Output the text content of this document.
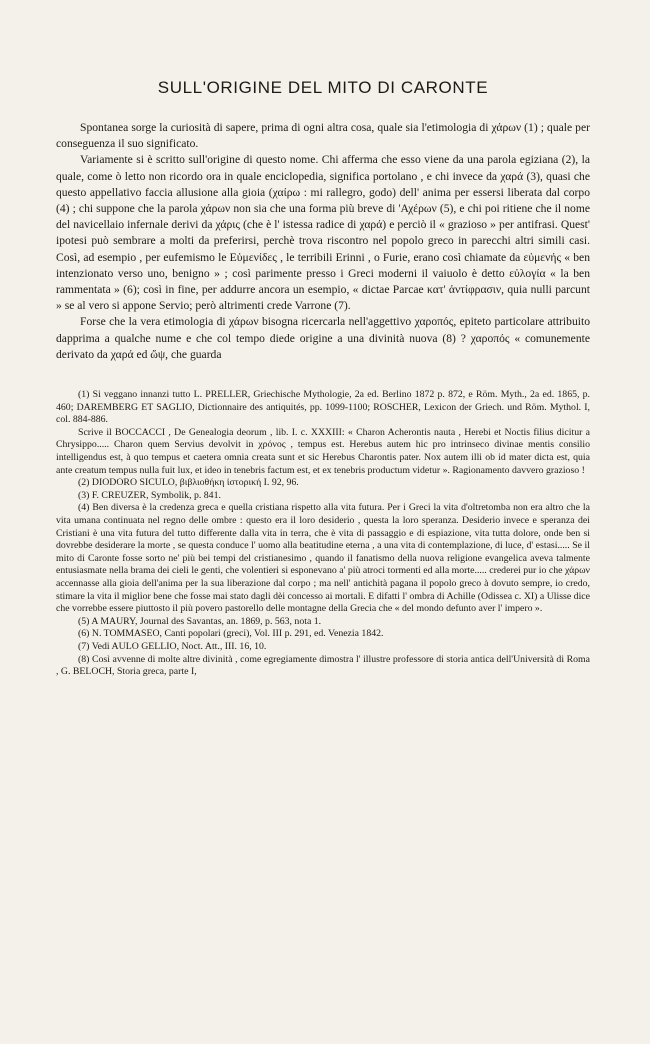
SULL'ORIGINE DEL MITO DI CARONTE

Spontanea sorge la curiosità di sapere, prima di ogni altra cosa, quale sia l'etimologia di χάρων (1) ; quale per conseguenza il suo significato.

Variamente si è scritto sull'origine di questo nome. Chi afferma che esso viene da una parola egiziana (2), la quale, come ò letto non ricordo ora in quale enciclopedia, significa portolano , e chi invece da χαρά (3), quasi che questo appellativo faccia allusione alla gioia (χαίρω : mi rallegro, godo) dell' anima per essersi liberata dal corpo (4) ; chi suppone che la parola χάρων non sia che una forma più breve di 'Αχέρων (5), e chi poi ritiene che il nome del navicellaio infernale derivi da χάρις (che è l' istessa radice di χαρά) e perciò il « grazioso » per antifrasi. Quest' ipotesi può sembrare a molti da preferirsi, perchè trova riscontro nel popolo greco in parecchi altri simili casi. Così, ad esempio , per eufemismo le Εὐμενίδες , le terribili Erinni , o Furie, erano così chiamate da εὐμενής « ben intenzionato verso uno, benigno » ; così parimente presso i Greci moderni il vaiuolo è detto εὐλογία « la ben rammentata » (6); così in fine, per addurre ancora un esempio, « dictae Parcae κατ' ἀντίφρασιν, quia nulli parcunt » se al vero si appone Servio; però altrimenti crede Varrone (7).

Forse che la vera etimologia di χάρων bisogna ricercarla nell'aggettivo χαροπός, epiteto particolare attribuito dapprima a qualche nume e che col tempo diede origine a una divinità nuova (8) ? χαροπός « comunemente derivato da χαρά ed ὤψ, che guarda

(1) Si veggano innanzi tutto L. PRELLER, Griechische Mythologie, 2a ed. Berlino 1872 p. 872, e Röm. Myth., 2a ed. 1865, p. 460; DAREMBERG ET SAGLIO, Dictionnaire des antiquités, pp. 1099-1100; ROSCHER, Lexicon der Griech. und Röm. Mythol. I, col. 884-886.

Scrive il BOCCACCI , De Genealogia deorum , lib. I. c. XXXIII: « Charon Acherontis nauta , Herebi et Noctis filius dicitur a Chrysippo..... Charon quem Servius devolvit in χρόνος , tempus est. Herebus autem hic pro intrinseco divinae mentis consilio intelligendus est, à quo tempus et caetera omnia creata sunt et sic Herebus Charontis pater. Nox autem illi ob id mater dicta est, quia ante creatum tempus nulla fuit lux, et ideo in tenebris factum est, et ex tenebris productum videtur ». Ragionamento davvero grazioso !

(2) DIODORO SICULO, βιβλιοθήκη ἱστορική I. 92, 96.

(3) F. CREUZER, Symbolik, p. 841.

(4) Ben diversa è la credenza greca e quella cristiana rispetto alla vita futura. Per i Greci la vita d'oltretomba non era altro che la vita umana continuata nel regno delle ombre : questo era il loro desiderio , questa la loro speranza. Desiderio invece e speranza dei Cristiani è una vita futura del tutto differente dalla vita in terra, che è vita di passaggio e di espiazione, vita tutta dolore, onde ben si dovrebbe desiderare la morte , se questa conduce l' uomo alla beatitudine eterna , a una vita di contemplazione, di luce, d' estasi..... Se il mito di Caronte fosse sorto ne' più bei tempi del cristianesimo , quando il fanatismo della nuova religione evangelica aveva talmente entusiasmate nella brama dei cieli le genti, che volentieri si esponevano a' più atroci tormenti ed alla morte..... crederei pur io che χάρων accennasse alla gioia dell'anima per la sua liberazione dal corpo ; ma nell' antichità pagana il popolo greco à dovuto sempre, io credo, stimare la vita il miglior bene che fosse mai stato dagli dèi concesso ai mortali. E difatti l' ombra di Achille (Odissea c. XI) a Ulisse dice che vorrebbe essere piuttosto il più povero pastorello delle montagne della Grecia che « del mondo defunto aver l' impero ».

(5) A MAURY, Journal des Savantas, an. 1869, p. 563, nota 1.

(6) N. TOMMASEO, Canti popolari (greci), Vol. III p. 291, ed. Venezia 1842.

(7) Vedi AULO GELLIO, Noct. Att., III. 16, 10.

(8) Così avvenne di molte altre divinità , come egregiamente dimostra l' illustre professore di storia antica dell'Università di Roma , G. BELOCH, Storia greca, parte I,
